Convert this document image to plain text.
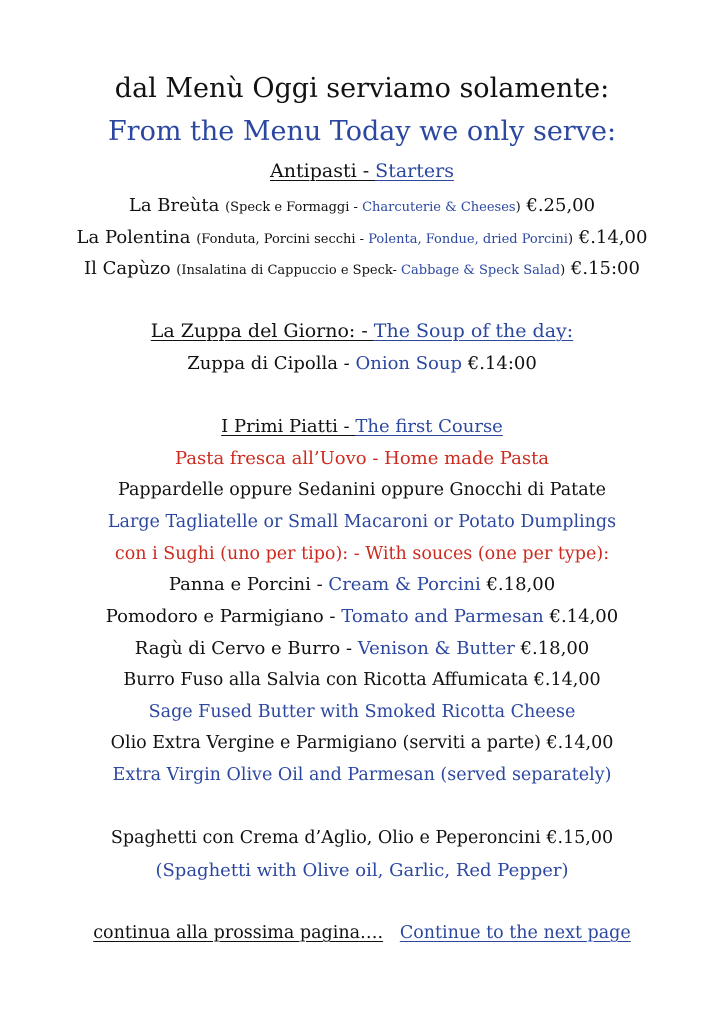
dal Menù Oggi serviamo solamente:
From the Menu Today we only serve:
Antipasti - Starters
La Breùta (Speck e Formaggi - Charcuterie & Cheeses) €.25,00
La Polentina (Fonduta, Porcini secchi - Polenta, Fondue, dried Porcini) €.14,00
Il Capùzo (Insalatina di Cappuccio e Speck- Cabbage & Speck Salad) €.15:00
La Zuppa del Giorno: - The Soup of the day:
Zuppa di Cipolla - Onion Soup €.14:00
I Primi Piatti - The first Course
Pasta fresca all’Uovo - Home made Pasta
Pappardelle oppure Sedanini oppure Gnocchi di Patate
Large Tagliatelle or Small Macaroni or Potato Dumplings
con i Sughi (uno per tipo): - With souces (one per type):
Panna e Porcini - Cream & Porcini €.18,00
Pomodoro e Parmigiano - Tomato and Parmesan €.14,00
Ragù di Cervo e Burro - Venison & Butter €.18,00
Burro Fuso alla Salvia con Ricotta Affumicata €.14,00
Sage Fused Butter with Smoked Ricotta Cheese
Olio Extra Vergine e Parmigiano (serviti a parte) €.14,00
Extra Virgin Olive Oil and Parmesan (served separately)
Spaghetti con Crema d’Aglio, Olio e Peperoncini €.15,00
(Spaghetti with Olive oil, Garlic, Red Pepper)
continua alla prossima pagina…. Continue to the next page
